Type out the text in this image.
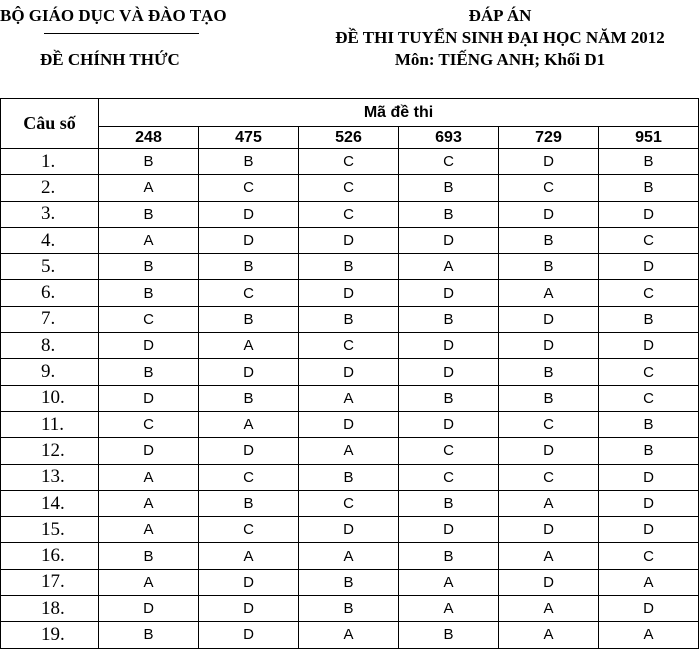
BỘ GIÁO DỤC VÀ ĐÀO TẠO
ĐỀ CHÍNH THỨC
ĐÁP ÁN
ĐỀ THI TUYỂN SINH ĐẠI HỌC NĂM 2012
Môn: TIẾNG ANH; Khối D1
Câu số	Mã đề thi					
	248	475	526	693	729	951
1.	B	B	C	C	D	B
2.	A	C	C	B	C	B
3.	B	D	C	B	D	D
4.	A	D	D	D	B	C
5.	B	B	B	A	B	D
6.	B	C	D	D	A	C
7.	C	B	B	B	D	B
8.	D	A	C	D	D	D
9.	B	D	D	D	B	C
10.	D	B	A	B	B	C
11.	C	A	D	D	C	B
12.	D	D	A	C	D	B
13.	A	C	B	C	C	D
14.	A	B	C	B	A	D
15.	A	C	D	D	D	D
16.	B	A	A	B	A	C
17.	A	D	B	A	D	A
18.	D	D	B	A	A	D
19.	B	D	A	B	A	A
